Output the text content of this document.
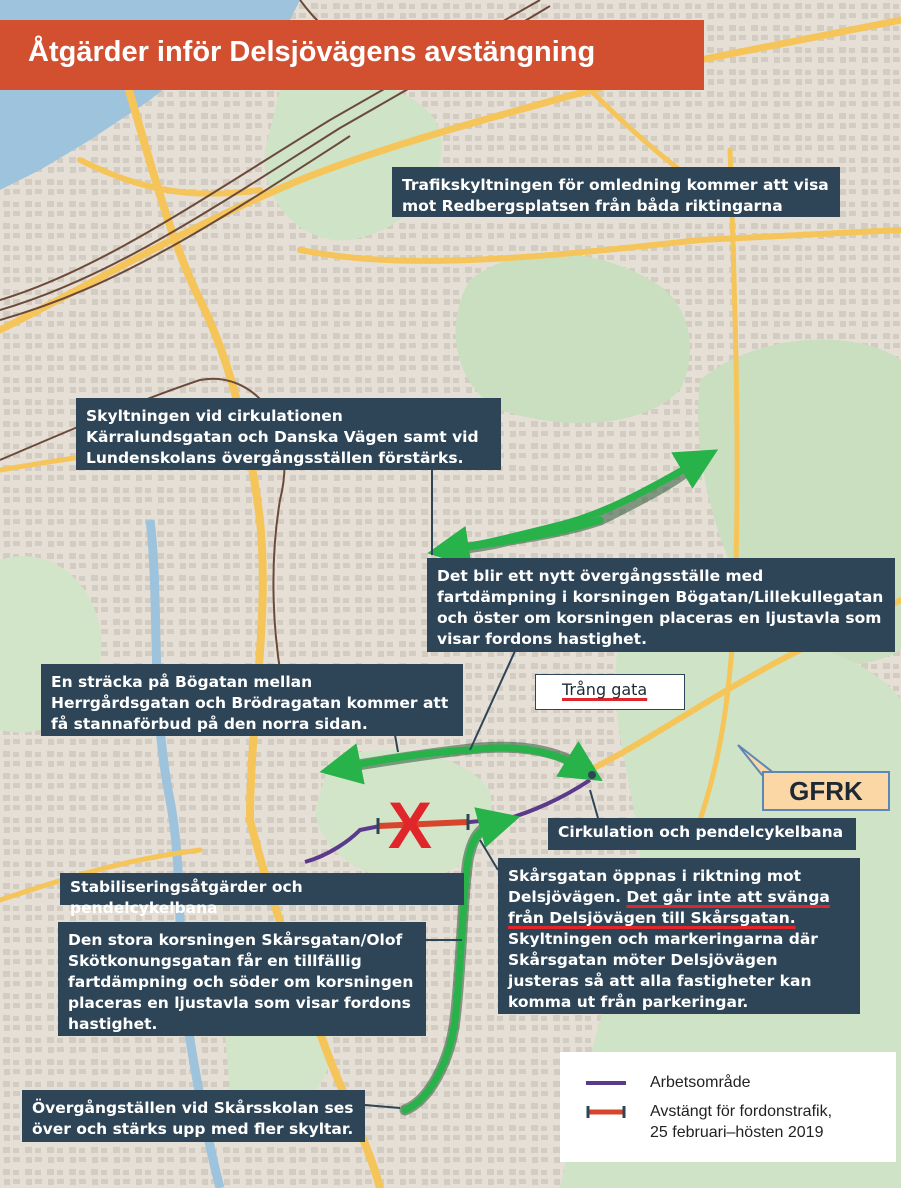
X
Åtgärder inför Delsjövägens avstängning
Trafikskyltningen för omledning kommer att visa mot Redbergsplatsen från båda riktingarna
Skyltningen vid cirkulationen Kärralundsgatan och Danska Vägen samt vid Lundenskolans övergångsställen förstärks.
Det blir ett nytt övergångsställe med fartdämpning i korsningen Bögatan/Lillekullegatan och öster om korsningen placeras en ljustavla som visar fordons hastighet.
En sträcka på Bögatan mellan Herrgårdsgatan och Brödragatan kommer att få stannaförbud på den norra sidan.
Cirkulation och pendelcykelbana
Stabiliseringsåtgärder och pendelcykelbana
Skårsgatan öppnas i riktning mot Delsjövägen. Det går inte att svänga från Delsjövägen till Skårsgatan. Skyltningen och markeringarna där Skårsgatan möter Delsjövägen justeras så att alla fastigheter kan komma ut från parkeringar.
Den stora korsningen Skårsgatan/Olof Skötkonungsgatan får en tillfällig fartdämpning och söder om korsningen placeras en ljustavla som visar fordons hastighet.
Övergångställen vid Skårsskolan ses över och stärks upp med fler skyltar.
Trång gata
GFRK
Arbetsområde
Avstängt för fordonstrafik,
25 februari–hösten 2019
